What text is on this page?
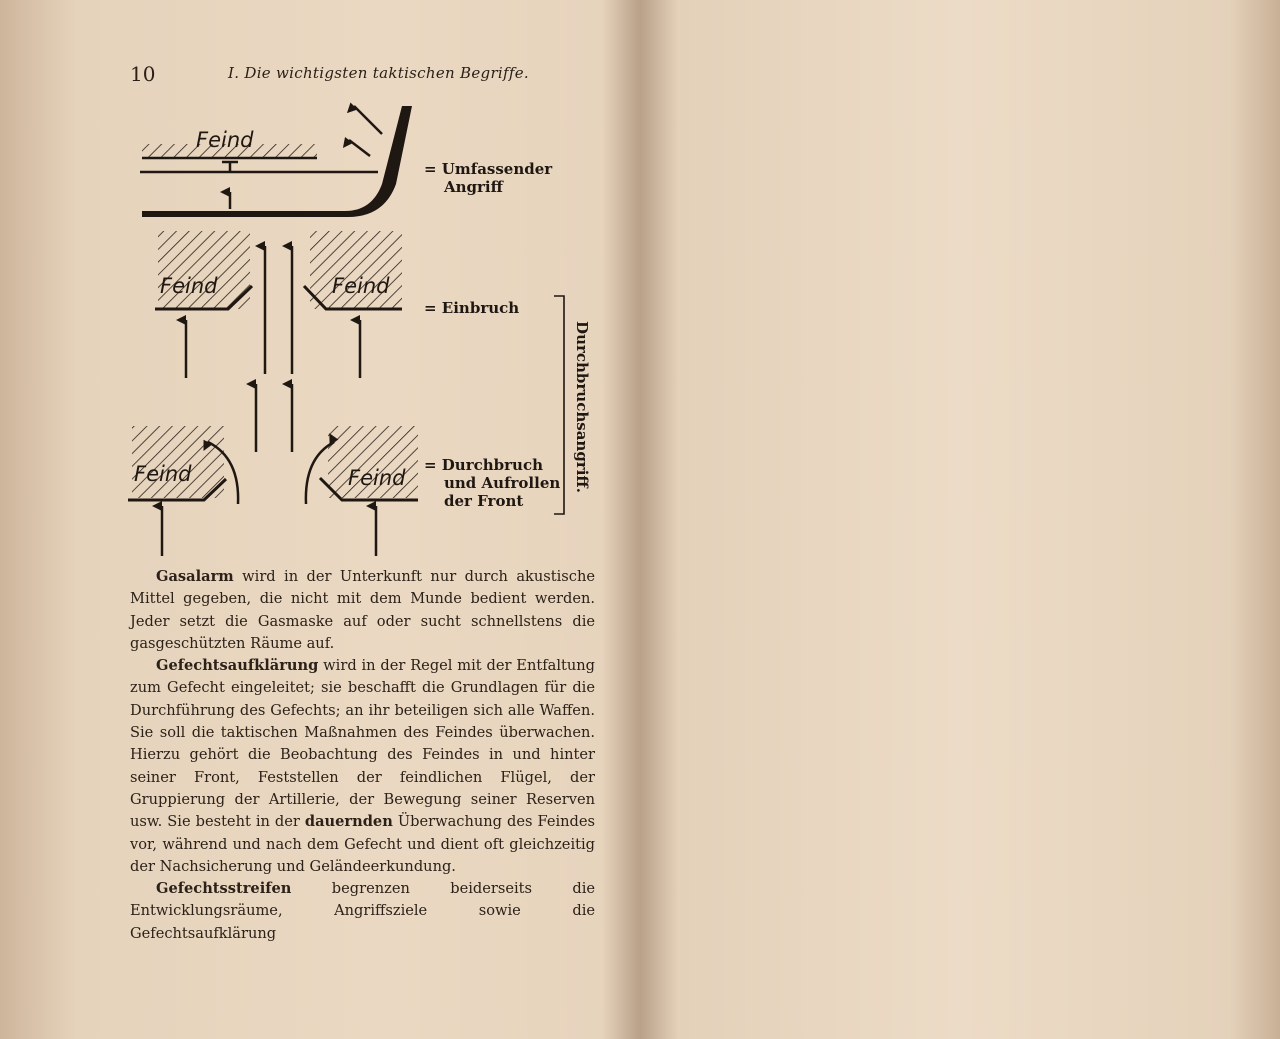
10	I. Die wichtigsten taktischen Begriffe.
Feind
Feind	Feind
Feind	Feind
= Umfassender
Angriff
= Einbruch
= Durchbruch
und Aufrollen
der Front
Durchbruchsangriff.

Gasalarm wird in der Unterkunft nur durch akustische Mittel gegeben, die nicht mit dem Munde bedient werden. Jeder setzt die Gasmaske auf oder sucht schnellstens die gasgeschützten Räume auf.

Gefechtsaufklärung wird in der Regel mit der Entfaltung zum Gefecht eingeleitet; sie beschafft die Grundlagen für die Durchführung des Gefechts; an ihr beteiligen sich alle Waffen. Sie soll die taktischen Maßnahmen des Feindes überwachen. Hierzu gehört die Beobachtung des Feindes in und hinter seiner Front, Feststellen der feindlichen Flügel, der Gruppierung der Artillerie, der Bewegung seiner Reserven usw. Sie besteht in der dauernden Überwachung des Feindes vor, während und nach dem Gefecht und dient oft gleichzeitig der Nachsicherung und Geländeerkundung.

Gefechtsstreifen begrenzen beiderseits die Entwicklungsräume, Angriffsziele sowie die Gefechtsaufklärung
